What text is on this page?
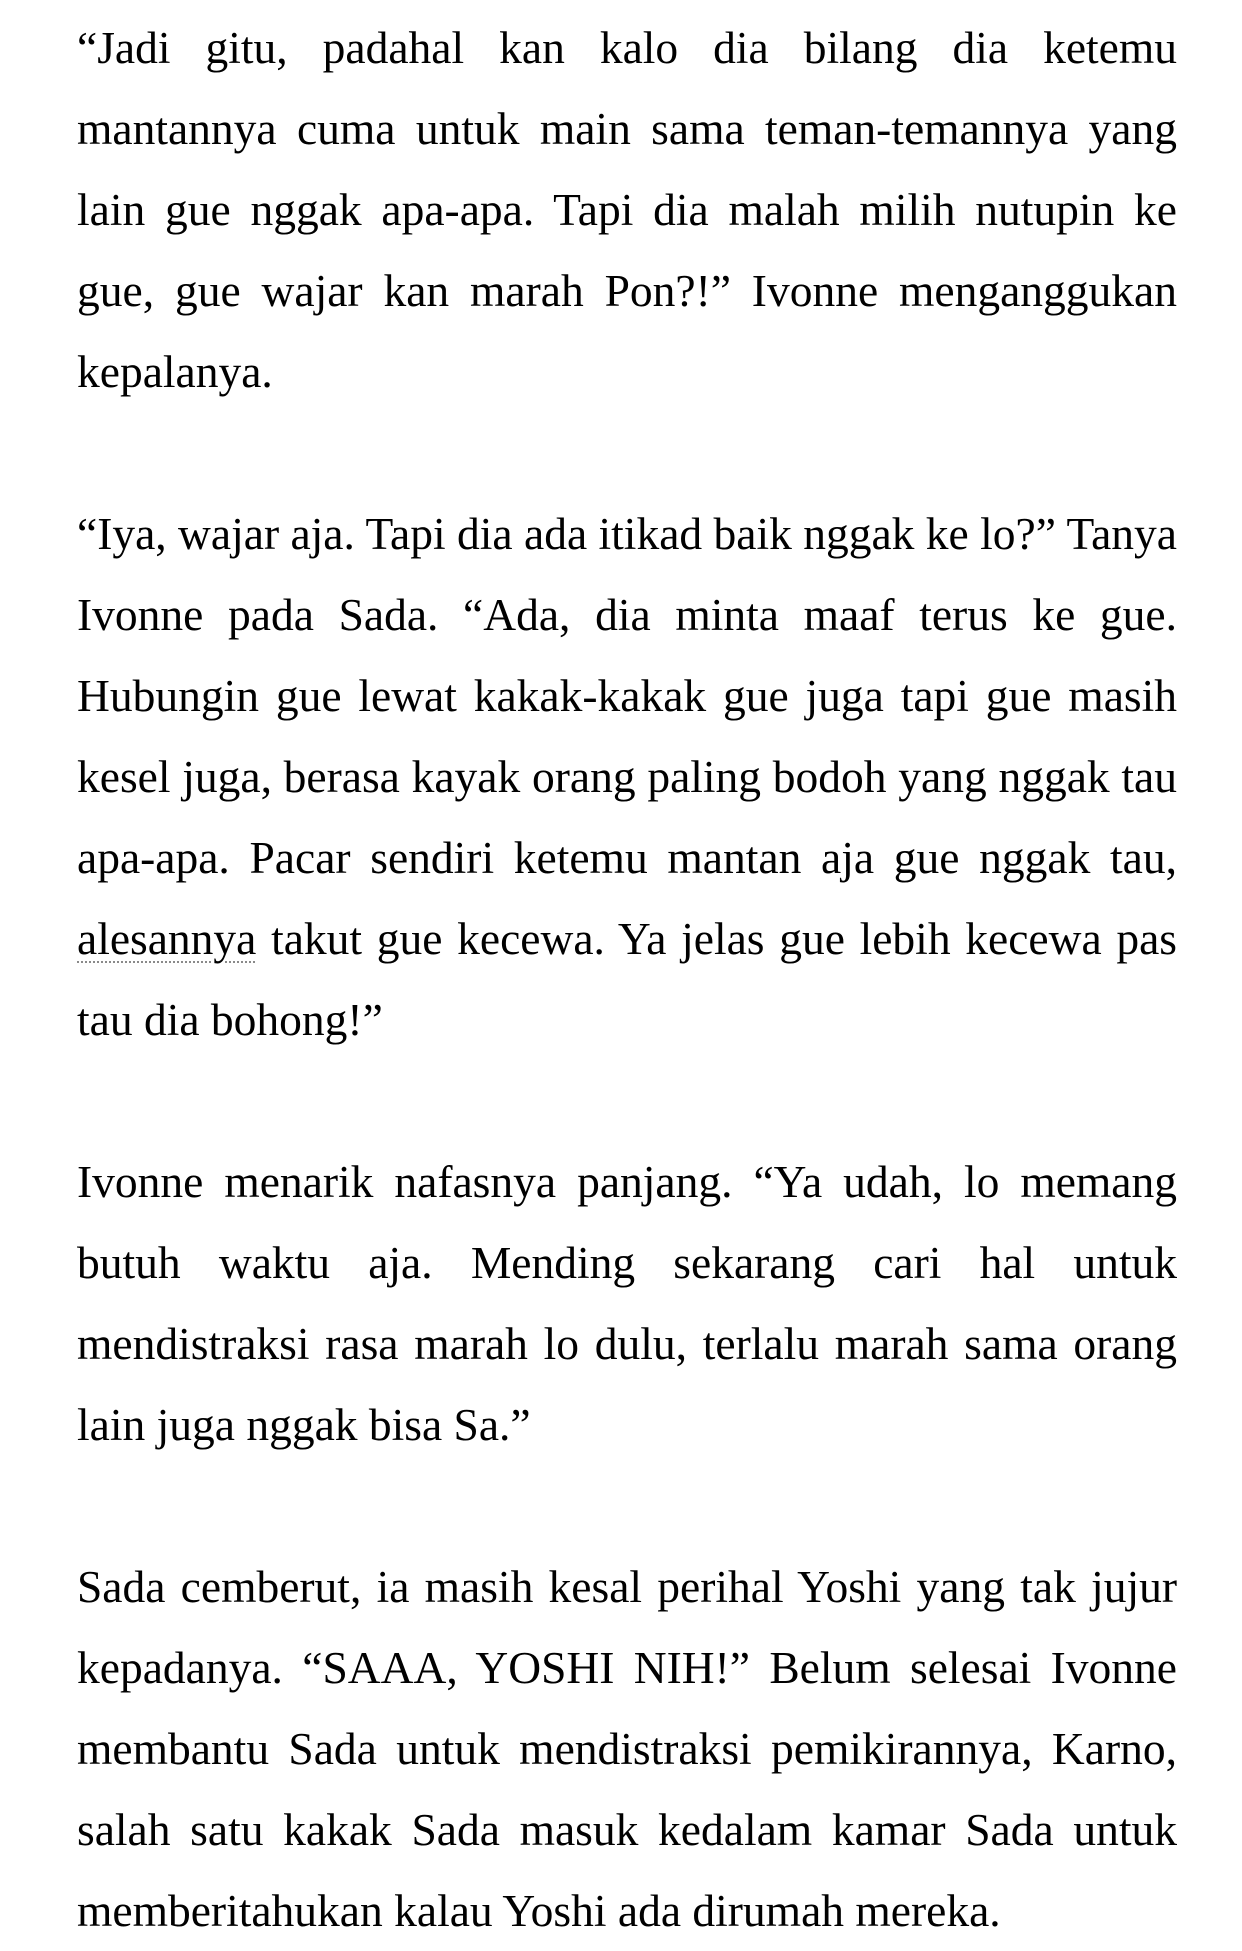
“Jadi gitu, padahal kan kalo dia bilang dia ketemu mantannya cuma untuk main sama teman-temannya yang lain gue nggak apa-apa. Tapi dia malah milih nutupin ke gue, gue wajar kan marah Pon?!” Ivonne menganggukan kepalanya.

“Iya, wajar aja. Tapi dia ada itikad baik nggak ke lo?” Tanya Ivonne pada Sada. “Ada, dia minta maaf terus ke gue. Hubungin gue lewat kakak-kakak gue juga tapi gue masih kesel juga, berasa kayak orang paling bodoh yang nggak tau apa-apa. Pacar sendiri ketemu mantan aja gue nggak tau, alesannya takut gue kecewa. Ya jelas gue lebih kecewa pas tau dia bohong!”

Ivonne menarik nafasnya panjang. “Ya udah, lo memang butuh waktu aja. Mending sekarang cari hal untuk mendistraksi rasa marah lo dulu, terlalu marah sama orang lain juga nggak bisa Sa.”

Sada cemberut, ia masih kesal perihal Yoshi yang tak jujur kepadanya. “SAAA, YOSHI NIH!” Belum selesai Ivonne membantu Sada untuk mendistraksi pemikirannya, Karno, salah satu kakak Sada masuk kedalam kamar Sada untuk memberitahukan kalau Yoshi ada dirumah mereka.
